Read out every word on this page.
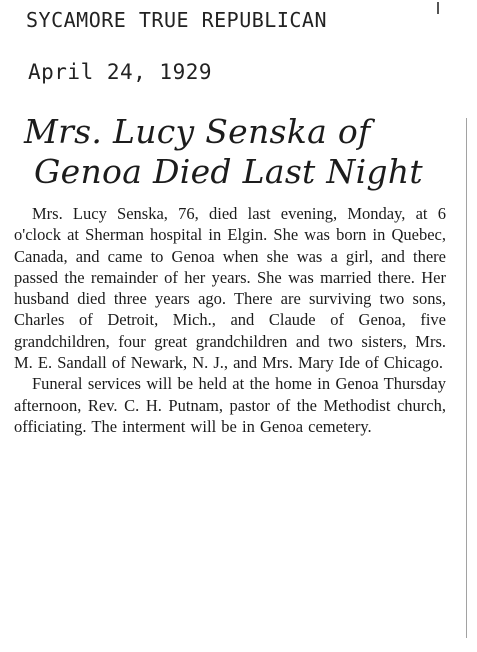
SYCAMORE TRUE REPUBLICAN
April 24, 1929
Mrs. Lucy Senska of
Genoa Died Last Night

Mrs. Lucy Senska, 76, died last evening, Monday, at 6 o'clock at Sherman hospital in Elgin. She was born in Quebec, Canada, and came to Genoa when she was a girl, and there passed the remainder of her years. She was married there. Her husband died three years ago. There are surviving two sons, Charles of Detroit, Mich., and Claude of Genoa, five grandchildren, four great grandchildren and two sisters, Mrs. M. E. Sandall of Newark, N. J., and Mrs. Mary Ide of Chicago.

Funeral services will be held at the home in Genoa Thursday afternoon, Rev. C. H. Putnam, pastor of the Methodist church, officiating. The interment will be in Genoa cemetery.
